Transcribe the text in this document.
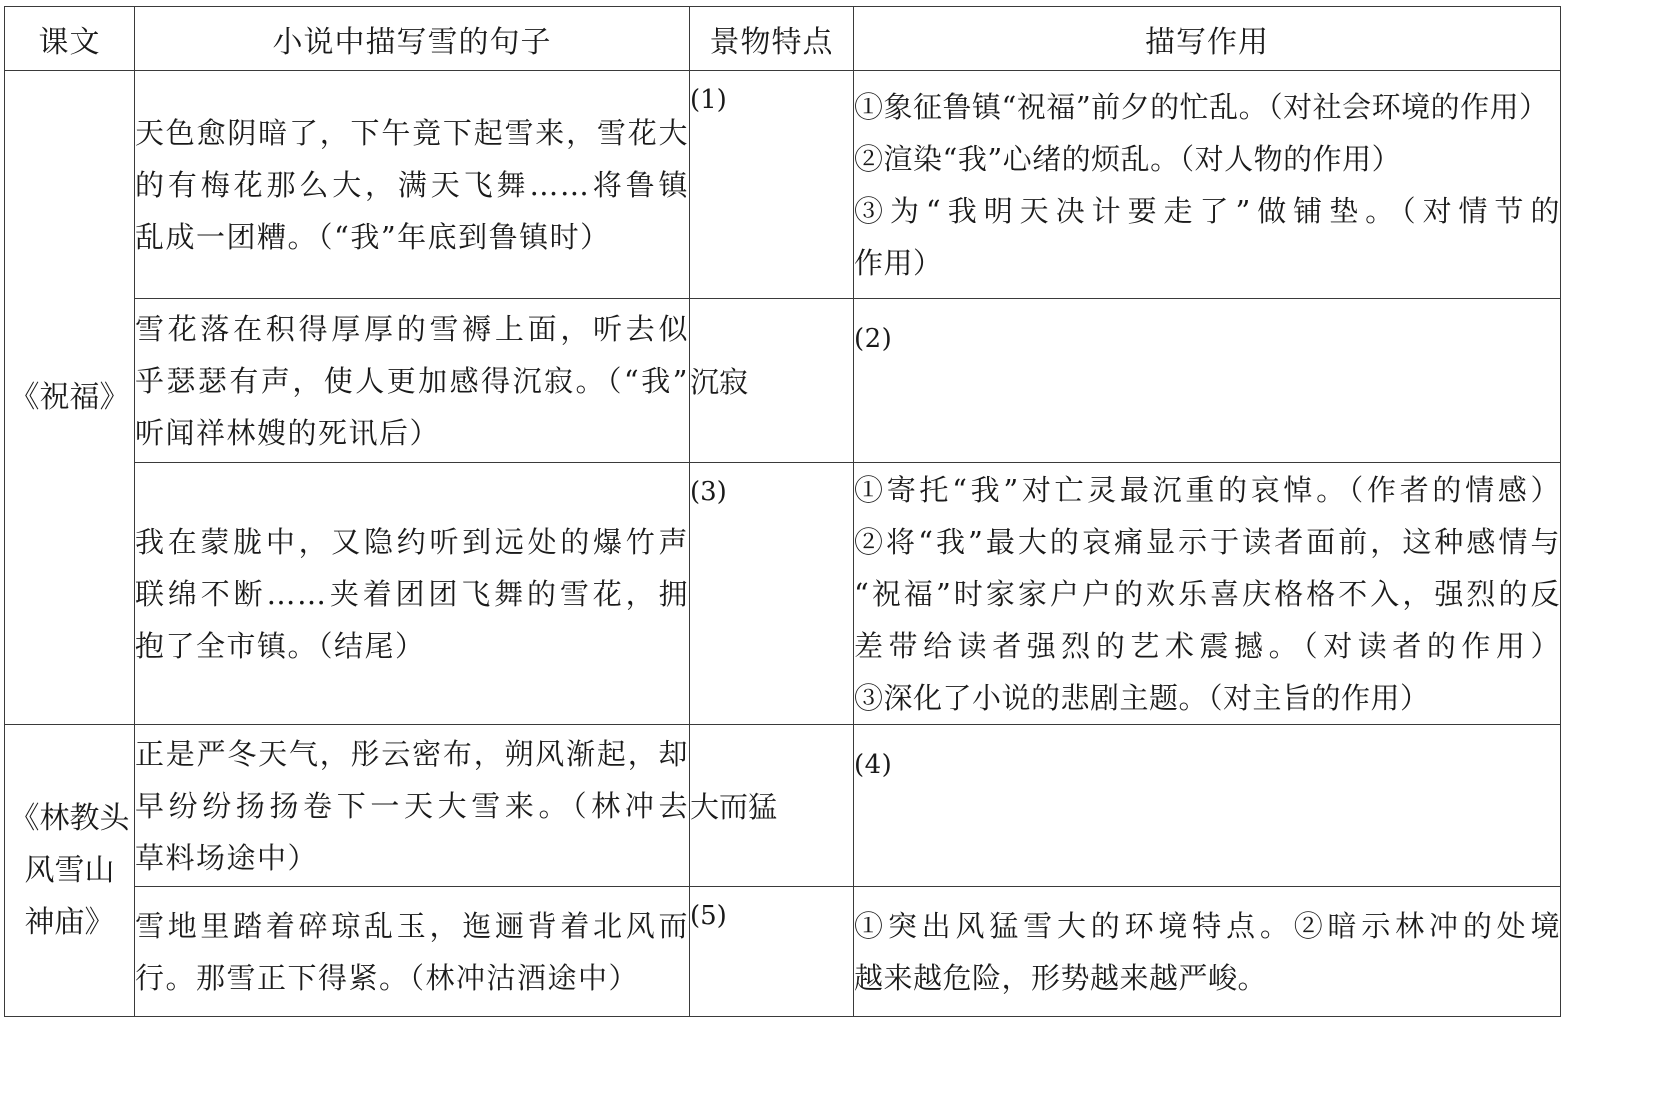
课文	小说中描写雪的句子	景物特点	描写作用
《祝福》	天色愈阴暗了，下午竟下起雪来，雪花大
的有梅花那么大，满天飞舞……将鲁镇
乱成一团糟。（“我”年底到鲁镇时）	(1)	①象征鲁镇“祝福”前夕的忙乱。（对社会环境的作用）
②渲染“我”心绪的烦乱。（对人物的作用）
③为“我明天决计要走了”做铺垫。（对情节的
作用）

	雪花落在积得厚厚的雪褥上面，听去似
乎瑟瑟有声，使人更加感得沉寂。（“我”
听闻祥林嫂的死讯后）	沉寂	(2)

	我在蒙胧中，又隐约听到远处的爆竹声
联绵不断……夹着团团飞舞的雪花，拥
抱了全市镇。（结尾）	(3)	①寄托“我”对亡灵最沉重的哀悼。（作者的情感）
②将“我”最大的哀痛显示于读者面前，这种感情与
“祝福”时家家户户的欢乐喜庆格格不入，强烈的反
差带给读者强烈的艺术震撼。（对读者的作用）
③深化了小说的悲剧主题。（对主旨的作用）

《林教头
风雪山
神庙》	正是严冬天气，彤云密布，朔风渐起，却
早纷纷扬扬卷下一天大雪来。（林冲去
草料场途中）	大而猛	(4)

	雪地里踏着碎琼乱玉，迤逦背着北风而
行。那雪正下得紧。（林冲沽酒途中）	(5)	①突出风猛雪大的环境特点。②暗示林冲的处境
越来越危险，形势越来越严峻。
